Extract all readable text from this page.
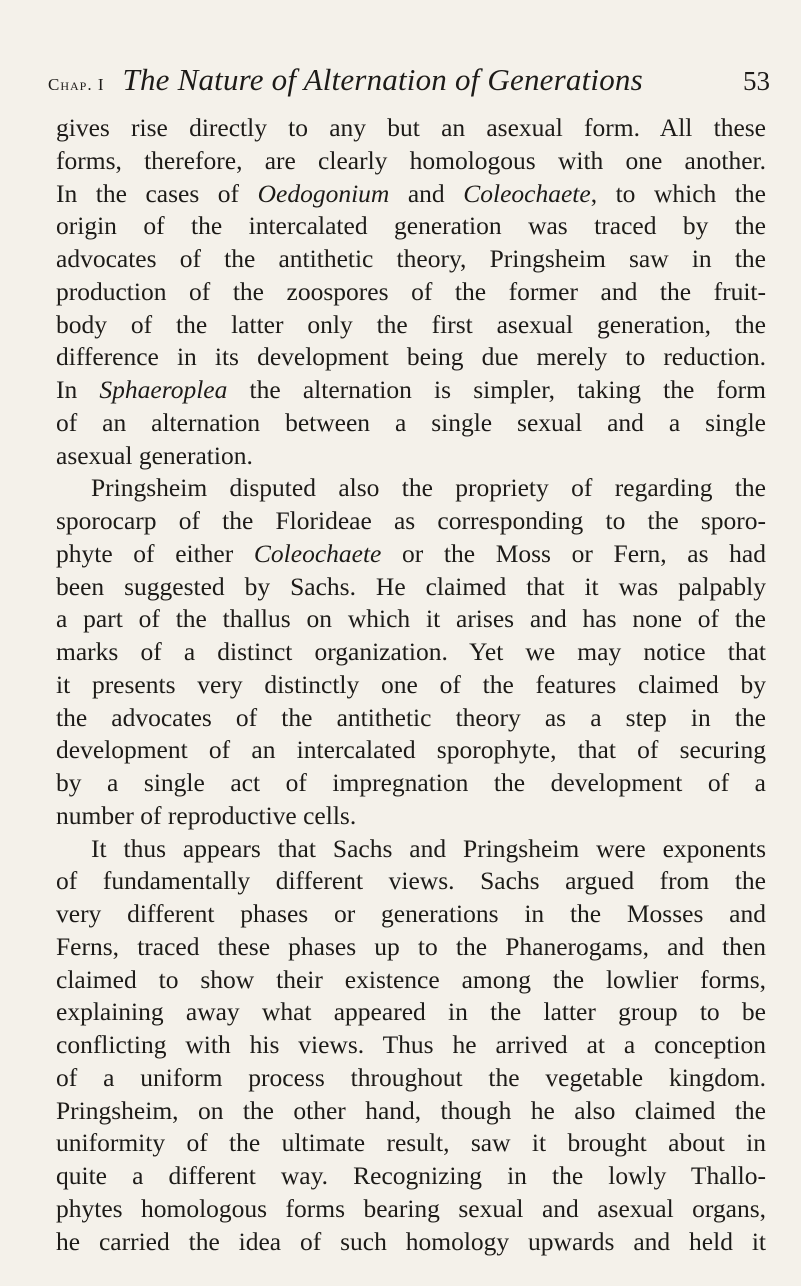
Chap. I The Nature of Alternation of Generations	53
gives rise directly to any but an asexual form. All these
forms, therefore, are clearly homologous with one another.
In the cases of Oedogonium and Coleochaete, to which the
origin of the intercalated generation was traced by the
advocates of the antithetic theory, Pringsheim saw in the
production of the zoospores of the former and the fruit-
body of the latter only the first asexual generation, the
difference in its development being due merely to reduction.
In Sphaeroplea the alternation is simpler, taking the form
of an alternation between a single sexual and a single
asexual generation.
Pringsheim disputed also the propriety of regarding the
sporocarp of the Florideae as corresponding to the sporo-
phyte of either Coleochaete or the Moss or Fern, as had
been suggested by Sachs. He claimed that it was palpably
a part of the thallus on which it arises and has none of the
marks of a distinct organization. Yet we may notice that
it presents very distinctly one of the features claimed by
the advocates of the antithetic theory as a step in the
development of an intercalated sporophyte, that of securing
by a single act of impregnation the development of a
number of reproductive cells.
It thus appears that Sachs and Pringsheim were exponents
of fundamentally different views. Sachs argued from the
very different phases or generations in the Mosses and
Ferns, traced these phases up to the Phanerogams, and then
claimed to show their existence among the lowlier forms,
explaining away what appeared in the latter group to be
conflicting with his views. Thus he arrived at a conception
of a uniform process throughout the vegetable kingdom.
Pringsheim, on the other hand, though he also claimed the
uniformity of the ultimate result, saw it brought about in
quite a different way. Recognizing in the lowly Thallo-
phytes homologous forms bearing sexual and asexual organs,
he carried the idea of such homology upwards and held it
